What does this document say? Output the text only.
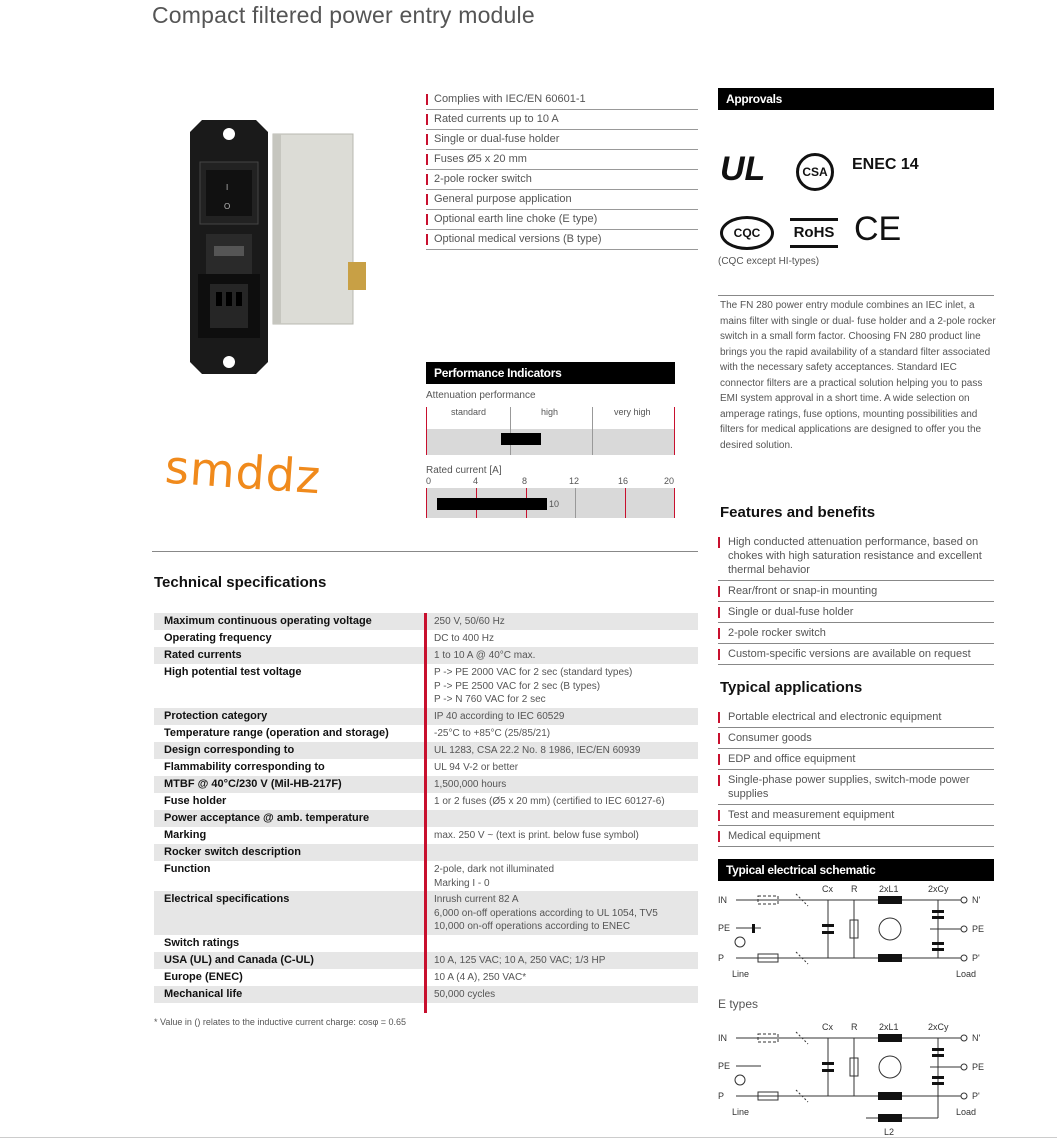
Compact filtered power entry module
I
O
smddz
Complies with IEC/EN 60601-1
Rated currents up to 10 A
Single or dual-fuse holder
Fuses Ø5 x 20 mm
2-pole rocker switch
General purpose application
Optional earth line choke (E type)
Optional medical versions (B type)
Performance Indicators
Attenuation performance
standard	high	very high
Rated current [A]
0	4	8	12	16	20
10
Technical specifications
Maximum continuous operating voltage	250 V, 50/60 Hz
Operating frequency	DC to 400 Hz
Rated currents	1 to 10 A @ 40°C max.
High potential test voltage	P -> PE 2000 VAC for 2 sec (standard types)
P -> PE 2500 VAC for 2 sec (B types)
P -> N 760 VAC for 2 sec
Protection category	IP 40 according to IEC 60529
Temperature range (operation and storage)	-25°C to +85°C (25/85/21)
Design corresponding to	UL 1283, CSA 22.2 No. 8 1986, IEC/EN 60939
Flammability corresponding to	UL 94 V-2 or better
MTBF @ 40°C/230 V (Mil-HB-217F)	1,500,000 hours
Fuse holder	1 or 2 fuses (Ø5 x 20 mm) (certified to IEC 60127-6)
Power acceptance @ amb. temperature
Marking	max. 250 V ~ (text is print. below fuse symbol)
Rocker switch description
Function	2-pole, dark not illuminated
Marking I - 0
Electrical specifications	Inrush current 82 A
6,000 on-off operations according to UL 1054, TV5
10,000 on-off operations according to ENEC
Switch ratings
USA (UL) and Canada (C-UL)	10 A, 125 VAC; 10 A, 250 VAC; 1/3 HP
Europe (ENEC)	10 A (4 A), 250 VAC*
Mechanical life	50,000 cycles
* Value in () relates to the inductive current charge: cosφ = 0.65
Approvals
UL	CSA	ENEC 14
CQC	RoHS CE
(CQC except HI-types)
The FN 280 power entry module combines an IEC inlet, a mains filter with single or dual- fuse holder and a 2-pole rocker switch in a small form factor. Choosing FN 280 product line brings you the rapid availability of a standard filter associated with the necessary safety acceptances. Standard IEC connector filters are a practical solution helping you to pass EMI system approval in a short time. A wide selection on amperage ratings, fuse options, mounting possibilities and filters for medical applications are designed to offer you the desired solution.
Features and benefits
High conducted attenuation performance, based on chokes with high saturation resistance and excellent thermal behavior
Rear/front or snap-in mounting
Single or dual-fuse holder
2-pole rocker switch
Custom-specific versions are available on request
Typical applications
Portable electrical and electronic equipment
Consumer goods
EDP and office equipment
Single-phase power supplies, switch-mode power supplies
Test and measurement equipment
Medical equipment
Typical electrical schematic
E types
IN
PE
P
N'
PE
P'
Line	Load
Cx R 2xL1	2xCy
IN
PE
P
N'
PE
P'
Line	Load
Cx R 2xL1	2xCy
L2
